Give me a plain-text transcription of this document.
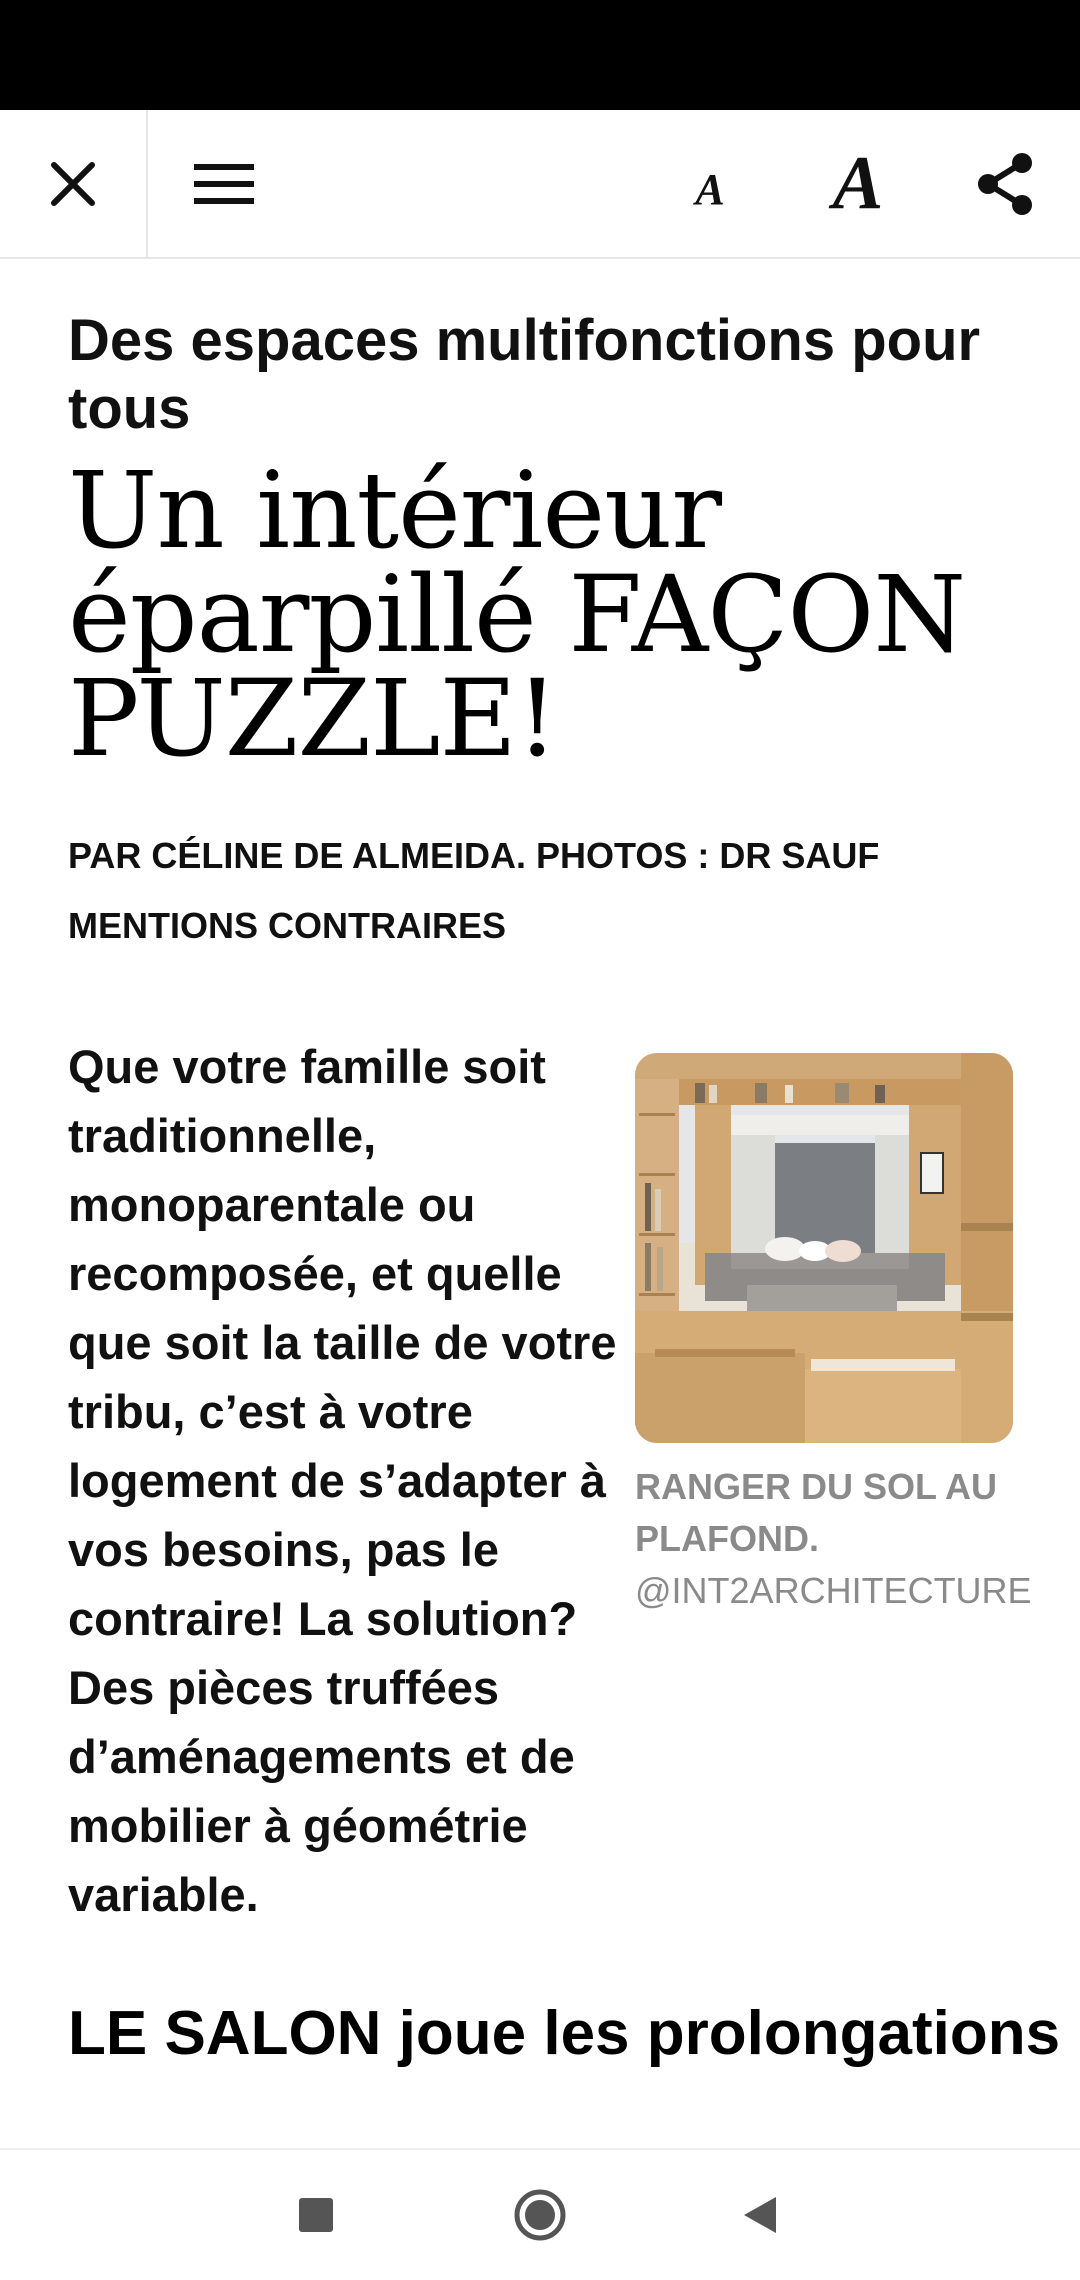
A A
Des espaces multifonctions pour tous
Un intérieur éparpillé FAÇON PUZZLE!
PAR CÉLINE DE ALMEIDA. PHOTOS : DR SAUF MENTIONS CONTRAIRES

Que votre famille soit traditionnelle, monoparentale ou recomposée, et quelle que soit la taille de votre tribu, c’est à votre logement de s’adapter à vos besoins, pas le contraire! La solution? Des pièces truffées d’aménagements et de mobilier à géométrie variable.

RANGER DU SOL AU PLAFOND.
@INT2ARCHITECTURE
LE SALON joue les prolongations
